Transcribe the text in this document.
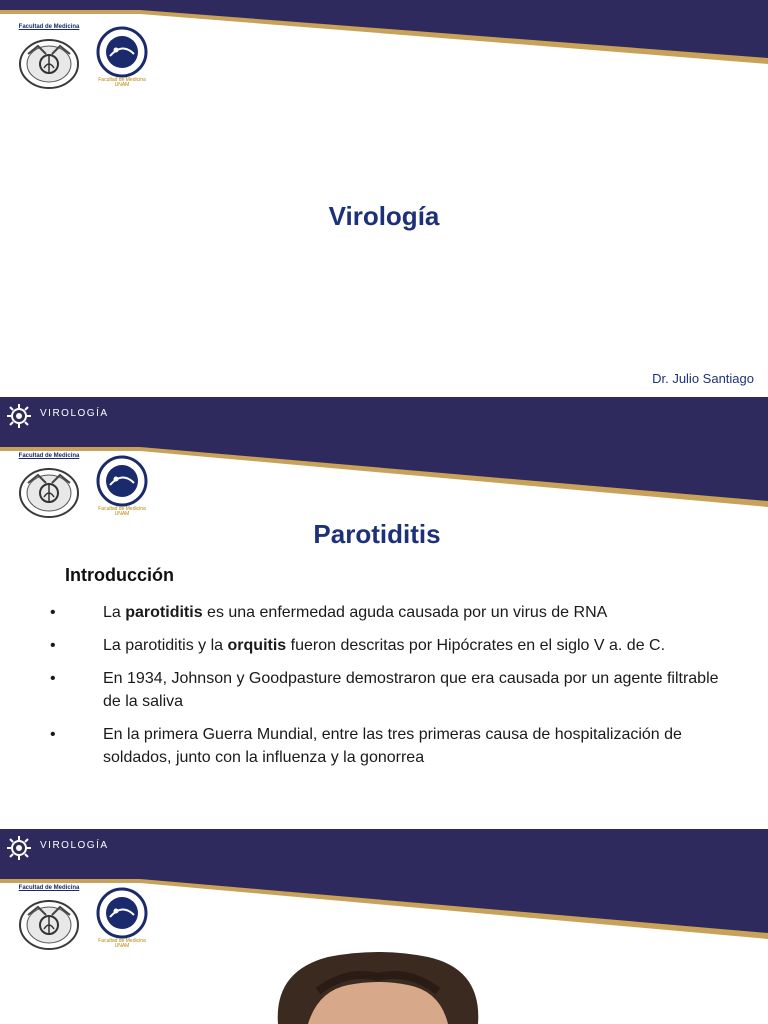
Facultad de Medicina
Facultad de Medicina
UNAM
Virología
Dr. Julio Santiago
VIROLOGÍA
Facultad de Medicina
Facultad de Medicina
UNAM
Parotiditis
Introducción
•	La parotiditis es una enfermedad aguda causada por un virus de RNA
•	La parotiditis y la orquitis fueron descritas por Hipócrates en el siglo V a. de C.
•	En 1934, Johnson y Goodpasture demostraron que era causada por un agente filtrable de la saliva
•	En la primera Guerra Mundial, entre las tres primeras causa de hospitalización de soldados, junto con la influenza y la gonorrea
VIROLOGÍA
Facultad de Medicina
Facultad de Medicina
UNAM
